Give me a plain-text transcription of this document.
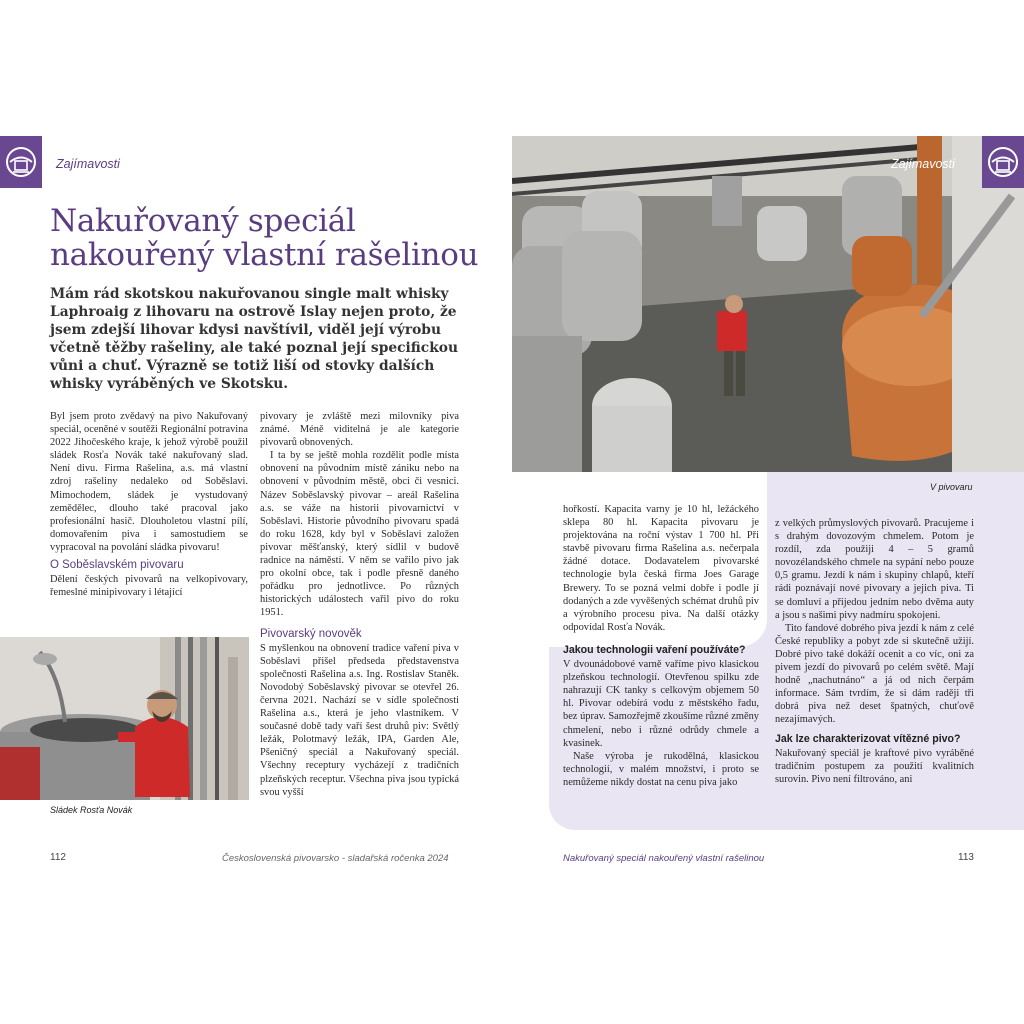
Zajímavosti
Nakuřovaný speciál
nakouřený vlastní rašelinou

Mám rád skotskou nakuřovanou single malt whisky Laphroaig z lihovaru na ostrově Islay nejen proto, že jsem zdejší lihovar kdysi navštívil, viděl její výrobu včetně těžby rašeliny, ale také poznal její specifickou vůni a chuť. Výrazně se totiž liší od stovky dalších whisky vyráběných ve Skotsku.

Byl jsem proto zvědavý na pivo Nakuřovaný speciál, oceněné v soutěži Regionální potravina 2022 Jihočeského kraje, k jehož výrobě použil sládek Rosťa Novák také nakuřovaný slad. Není divu. Firma Rašelina, a.s. má vlastní zdroj rašeliny nedaleko od Soběslavi. Mimochodem, sládek je vystudovaný zemědělec, dlouho také pracoval jako profesionální hasič. Dlouholetou vlastní pílí, domovařením piva i samostudiem se vypracoval na povolání sládka pivovaru!

O Soběslavském pivovaru

Dělení českých pivovarů na velkopivovary, řemeslné minipivovary i létající

pivovary je zvláště mezi milovníky piva známé. Méně viditelná je ale kategorie pivovarů obnovených.

I ta by se ještě mohla rozdělit podle místa obnovení na původním místě zániku nebo na obnovení v původním městě, obci či vesnici. Název Soběslavský pivovar – areál Rašelina a.s. se váže na historii pivovarnictví v Soběslavi. Historie původního pivovaru spadá do roku 1628, kdy byl v Soběslavi založen pivovar měšťanský, který sídlil v budově radnice na náměstí. V něm se vařilo pivo jak pro okolní obce, tak i podle přesně daného pořádku pro jednotlivce. Po různých historických událostech vařil pivo do roku 1951.

Pivovarský novověk

S myšlenkou na obnovení tradice vaření piva v Soběslavi přišel předseda představenstva společnosti Rašelina a.s. Ing. Rostislav Staněk. Novodobý Soběslavský pivovar se otevřel 26. června 2021. Nachází se v sídle společnosti Rašelina a.s., která je jeho vlastníkem. V současné době tady vaří šest druhů piv: Světlý ležák, Polotmavý ležák, IPA, Garden Ale, Pšeničný speciál a Nakuřovaný speciál. Všechny receptury vycházejí z tradičních plzeňských receptur. Všechna piva jsou typická svou vyšší

Sládek Rosťa Novák
112	Československá pivovarsko - sladařská ročenka 2024
Zajímavosti
V pivovaru

hořkostí. Kapacita varny je 10 hl, ležáckého sklepa 80 hl. Kapacita pivovaru je projektována na roční výstav 1 700 hl. Při stavbě pivovaru firma Rašelina a.s. nečerpala žádné dotace. Dodavatelem pivovarské technologie byla česká firma Joes Garage Brewery. To se pozná velmi dobře i podle jí dodaných a zde vyvěšených schémat druhů piv a výrobního procesu piva. Na další otázky odpovídal Rosťa Novák.

Jakou technologii vaření používáte?

V dvounádobové varně vaříme pivo klasickou plzeňskou technologií. Otevřenou spilku zde nahrazují CK tanky s celkovým objemem 50 hl. Pivovar odebírá vodu z městského řadu, bez úprav. Samozřejmě zkoušíme různé změny chmelení, nebo i různé odrůdy chmele a kvasinek.

Naše výroba je rukodělná, klasickou technologií, v malém množství, i proto se nemůžeme nikdy dostat na cenu piva jako

z velkých průmyslových pivovarů. Pracujeme i s drahým dovozovým chmelem. Potom je rozdíl, zda použiji 4 – 5 gramů novozélandského chmele na sypání nebo pouze 0,5 gramu. Jezdí k nám i skupiny chlapů, kteří rádi poznávají nové pivovary a jejich piva. Ti se domluví a přijedou jedním nebo dvěma auty a jsou s našimi pivy nadmíru spokojeni.

Tito fandové dobrého piva jezdí k nám z celé České republiky a pobyt zde si skutečně užijí. Dobré pivo také dokáží ocenit a co víc, oni za pivem jezdí do pivovarů po celém světě. Mají hodně „nachutnáno“ a já od nich čerpám informace. Sám tvrdím, že si dám raději tři dobrá piva než deset špatných, chuťově nezajímavých.

Jak lze charakterizovat vítězné pivo?

Nakuřovaný speciál je kraftové pivo vyráběné tradičním postupem za použití kvalitních surovin. Pivo není filtrováno, ani

Nakuřovaný speciál nakouřený vlastní rašelinou	113
